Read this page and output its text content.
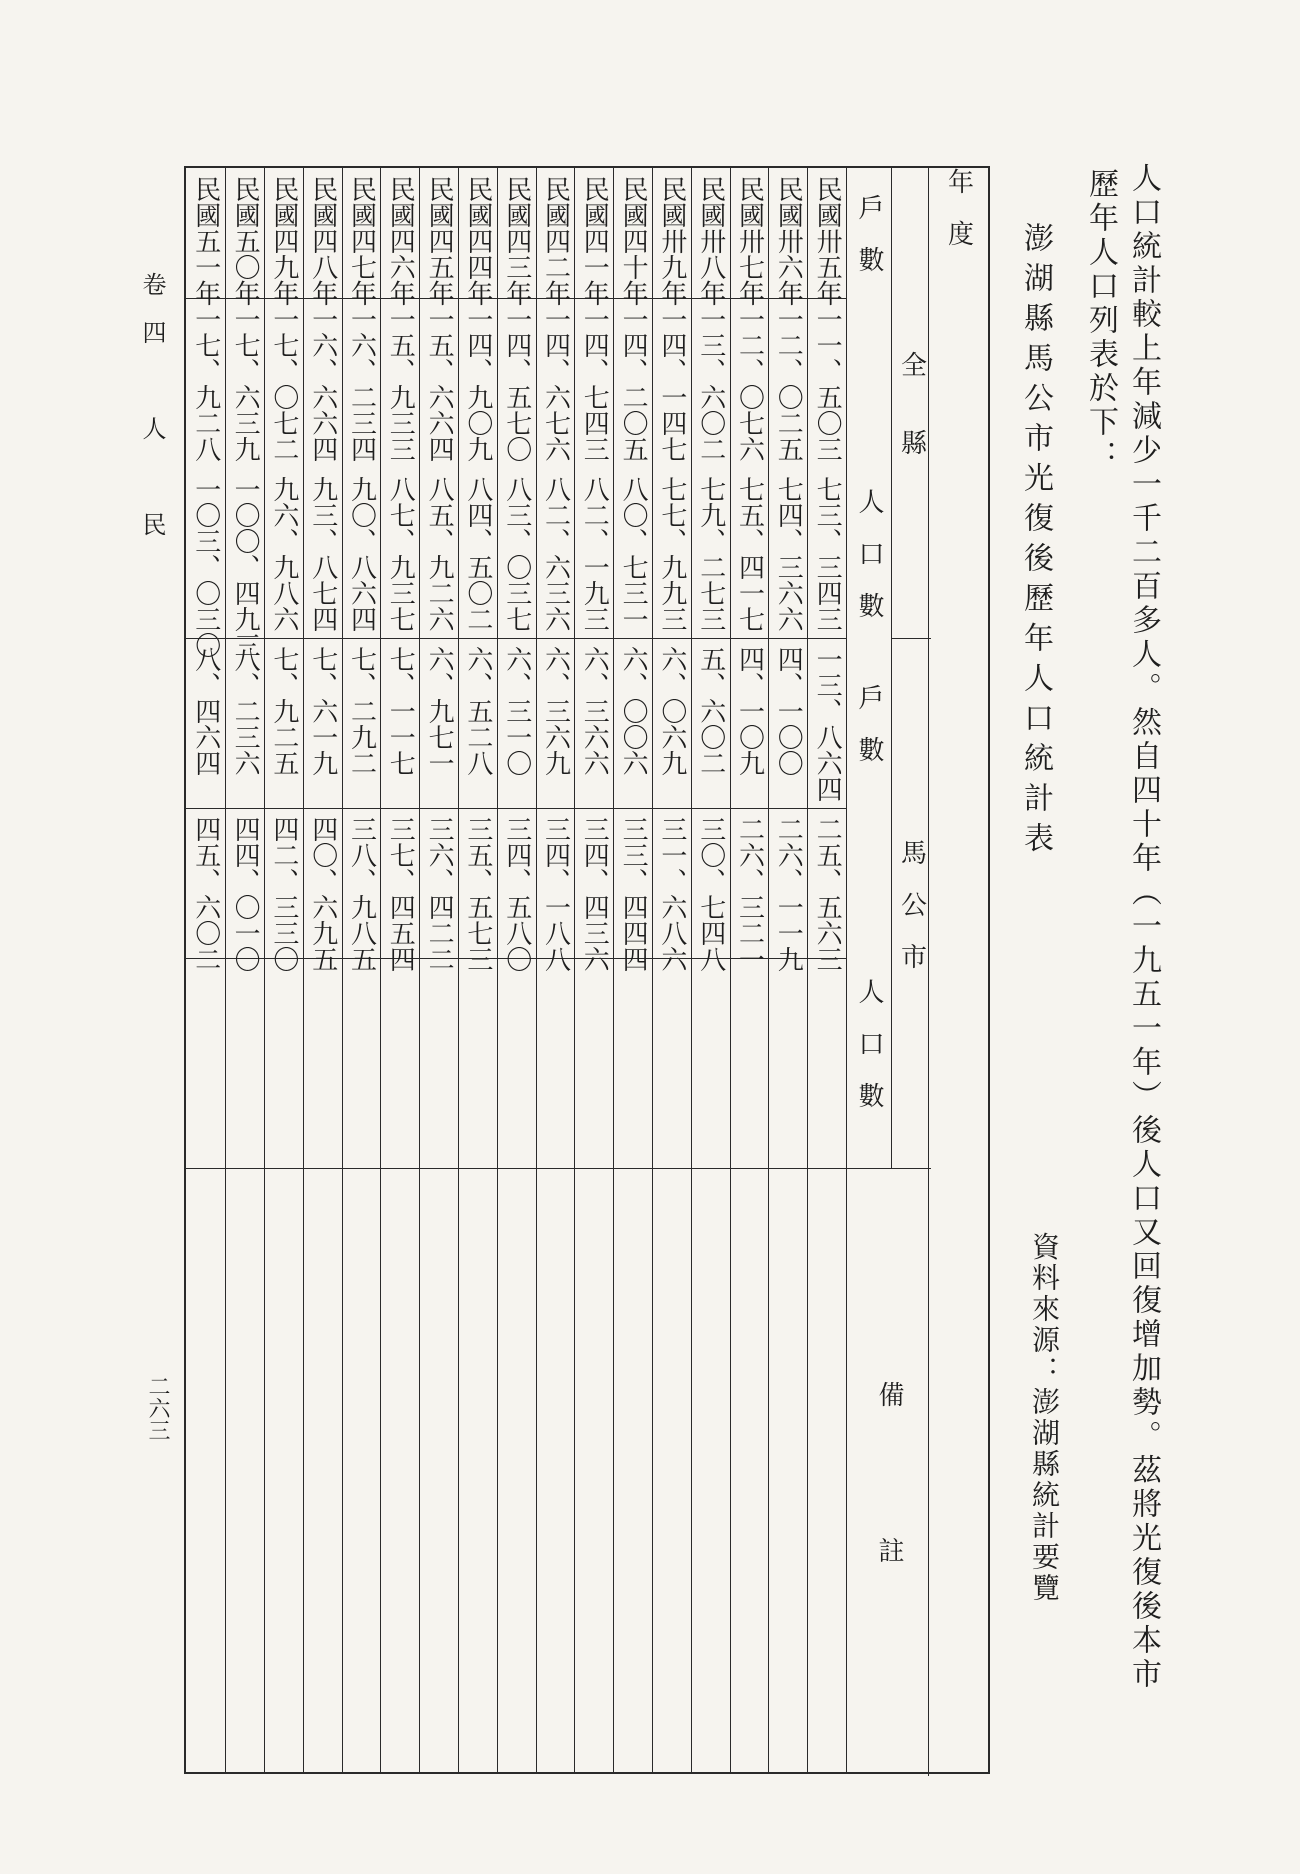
人口統計較上年減少一千二百多人。然自四十年（一九五一年）後人口又回復增加勢。茲將光復後本市
歷年人口列表於下：
澎湖縣馬公市光復後歷年人口統計表
年　度
全　　縣
馬　公　市
戶　數
人　口　數
戶　數
人　口　數
備　　　　　註
民國卅五年
一一、五〇三
七三、三四三
一三、八六四
二五、五六三
民國卅六年
一二、〇二五
七四、三六六
四、一〇〇
二六、一一九
民國卅七年
一二、〇七六
七五、四一七
四、一〇九
二六、三二一
民國卅八年
一三、六〇二
七九、二七三
五、六〇二
三〇、七四八
民國卅九年
一四、一四七
七七、九九三
六、〇六九
三一、六八六
民國四十年
一四、二〇五
八〇、七三一
六、〇〇六
三三、四四四
民國四一年
一四、七四三
八二、一九三
六、三六六
三四、四三六
民國四二年
一四、六七六
八二、六三六
六、三六九
三四、一八八
民國四三年
一四、五七〇
八三、〇三七
六、三一〇
三四、五八〇
民國四四年
一四、九〇九
八四、五〇二
六、五二八
三五、五七三
民國四五年
一五、六六四
八五、九二六
六、九七一
三六、四二二
民國四六年
一五、九三三
八七、九三七
七、一一七
三七、四五四
民國四七年
一六、二三四
九〇、八六四
七、二九二
三八、九八五
民國四八年
一六、六六四
九三、八七四
七、六一九
四〇、六九五
民國四九年
一七、〇七二
九六、九八六
七、九二五
四二、三三〇
民國五〇年
一七、六三九
一〇〇、四九三
八、二三六
四四、〇一〇
民國五一年
一七、九二八
一〇三、〇三〇
八、四六四
四五、六〇二
資料來源：澎湖縣統計要覽
卷四　人　民
二六三
